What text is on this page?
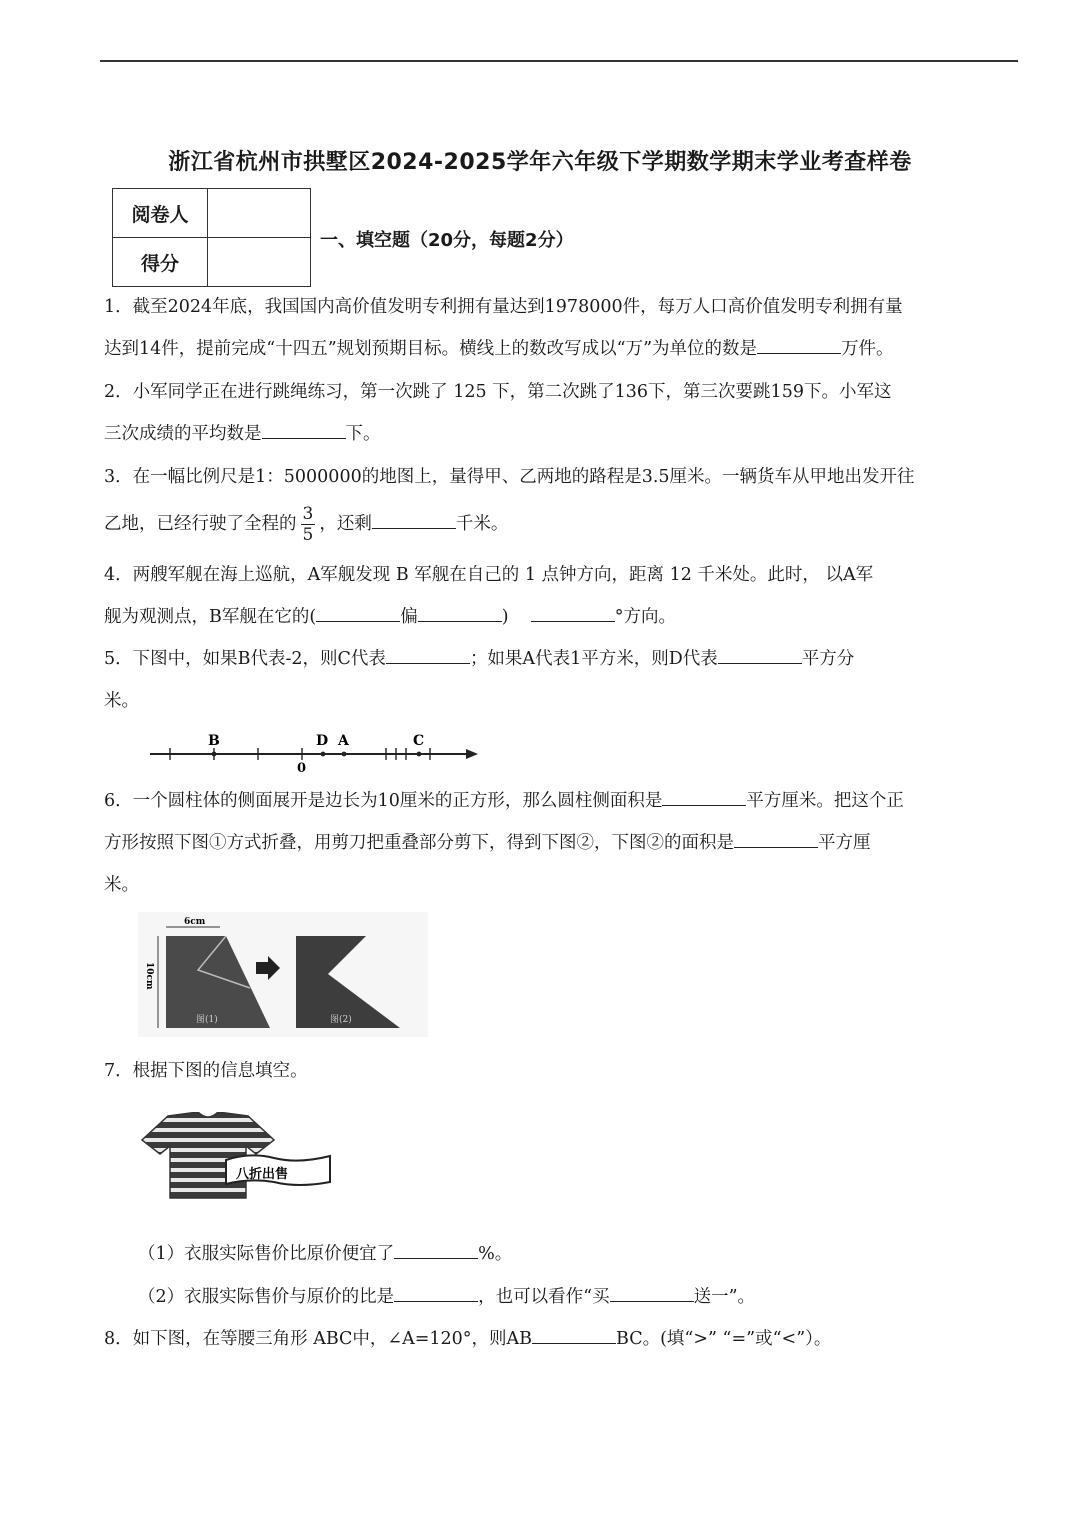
浙江省杭州市拱墅区2024-2025学年六年级下学期数学期末学业考查样卷
阅卷人	
得分	
一、填空题（20分，每题2分）
1．截至2024年底，我国国内高价值发明专利拥有量达到1978000件，每万人口高价值发明专利拥有量
达到14件，提前完成“十四五”规划预期目标。横线上的数改写成以“万”为单位的数是	万件。
2．小军同学正在进行跳绳练习，第一次跳了 125 下，第二次跳了136下，第三次要跳159下。小军这
三次成绩的平均数是	下。
3．在一幅比例尺是1：5000000的地图上，量得甲、乙两地的路程是3.5厘米。一辆货车从甲地出发开往
乙地，已经行驶了全程的 $\frac{3}{5}$ ，还剩	千米。
4．两艘军舰在海上巡航，A军舰发现 B 军舰在自己的 1 点钟方向，距离 12 千米处。此时， 以A军
舰为观测点，B军舰在它的(	偏	)	°方向。
5．下图中，如果B代表-2，则C代表	；如果A代表1平方米，则D代表	平方分
米。
B	D A	C
0
6．一个圆柱体的侧面展开是边长为10厘米的正方形，那么圆柱侧面积是	平方厘米。把这个正
方形按照下图①方式折叠，用剪刀把重叠部分剪下，得到下图②，下图②的面积是	平方厘
米。
6cm
10cm
图(1)	图(2)
7．根据下图的信息填空。
八折出售
（1）衣服实际售价比原价便宜了	%。
（2）衣服实际售价与原价的比是	，也可以看作“买	送一”。
8．如下图，在等腰三角形 ABC中，∠A=120°，则AB	BC。(填“>” “=”或“<”）。
